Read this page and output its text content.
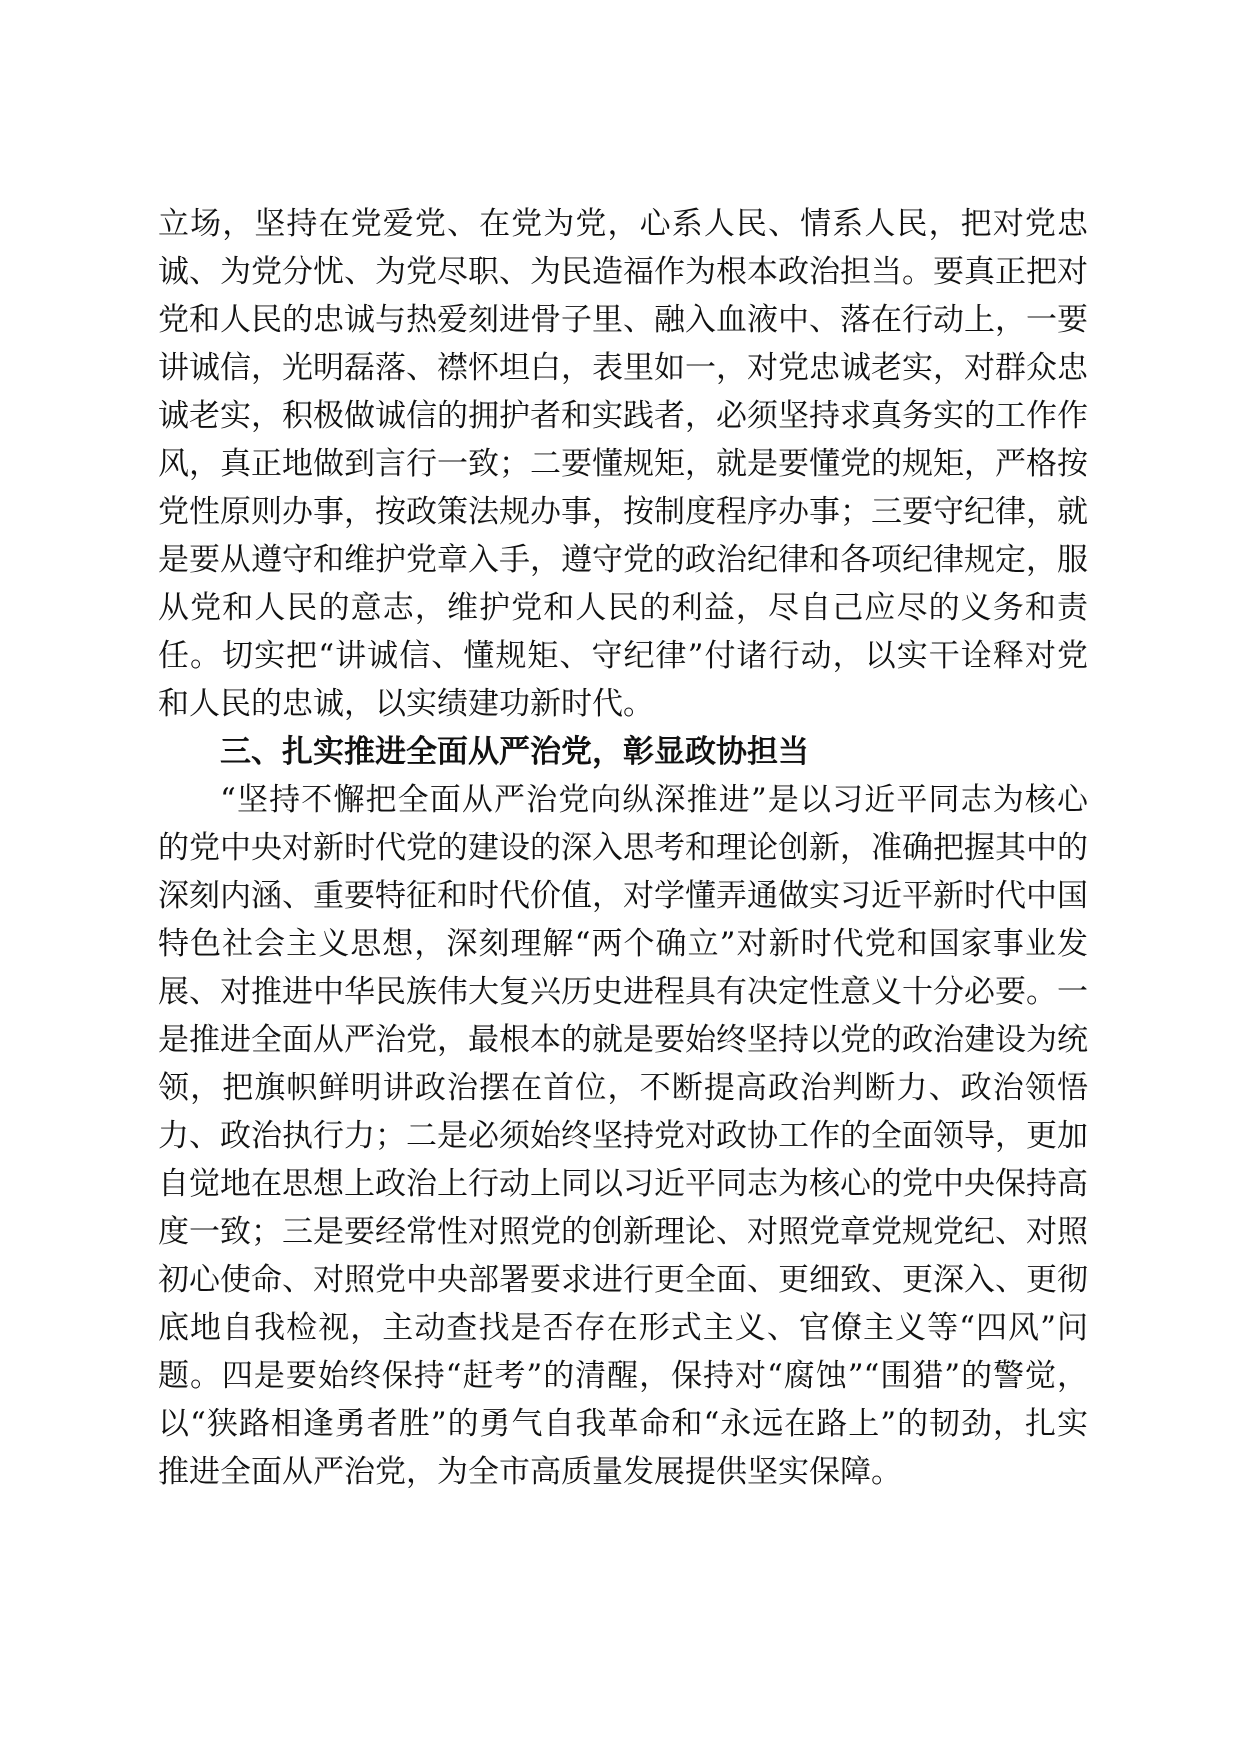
立场，坚持在党爱党、在党为党，心系人民、情系人民，把对党忠诚、为党分忧、为党尽职、为民造福作为根本政治担当。要真正把对党和人民的忠诚与热爱刻进骨子里、融入血液中、落在行动上，一要讲诚信，光明磊落、襟怀坦白，表里如一，对党忠诚老实，对群众忠诚老实，积极做诚信的拥护者和实践者，必须坚持求真务实的工作作风，真正地做到言行一致；二要懂规矩，就是要懂党的规矩，严格按党性原则办事，按政策法规办事，按制度程序办事；三要守纪律，就是要从遵守和维护党章入手，遵守党的政治纪律和各项纪律规定，服从党和人民的意志，维护党和人民的利益，尽自己应尽的义务和责任。切实把“讲诚信、懂规矩、守纪律”付诸行动，以实干诠释对党和人民的忠诚，以实绩建功新时代。

三、扎实推进全面从严治党，彰显政协担当

“坚持不懈把全面从严治党向纵深推进”是以习近平同志为核心的党中央对新时代党的建设的深入思考和理论创新，准确把握其中的深刻内涵、重要特征和时代价值，对学懂弄通做实习近平新时代中国特色社会主义思想，深刻理解“两个确立”对新时代党和国家事业发展、对推进中华民族伟大复兴历史进程具有决定性意义十分必要。一是推进全面从严治党，最根本的就是要始终坚持以党的政治建设为统领，把旗帜鲜明讲政治摆在首位，不断提高政治判断力、政治领悟力、政治执行力；二是必须始终坚持党对政协工作的全面领导，更加自觉地在思想上政治上行动上同以习近平同志为核心的党中央保持高度一致；三是要经常性对照党的创新理论、对照党章党规党纪、对照初心使命、对照党中央部署要求进行更全面、更细致、更深入、更彻底地自我检视，主动查找是否存在形式主义、官僚主义等“四风”问题。四是要始终保持“赶考”的清醒，保持对“腐蚀”“围猎”的警觉，以“狭路相逢勇者胜”的勇气自我革命和“永远在路上”的韧劲，扎实推进全面从严治党，为全市高质量发展提供坚实保障。
